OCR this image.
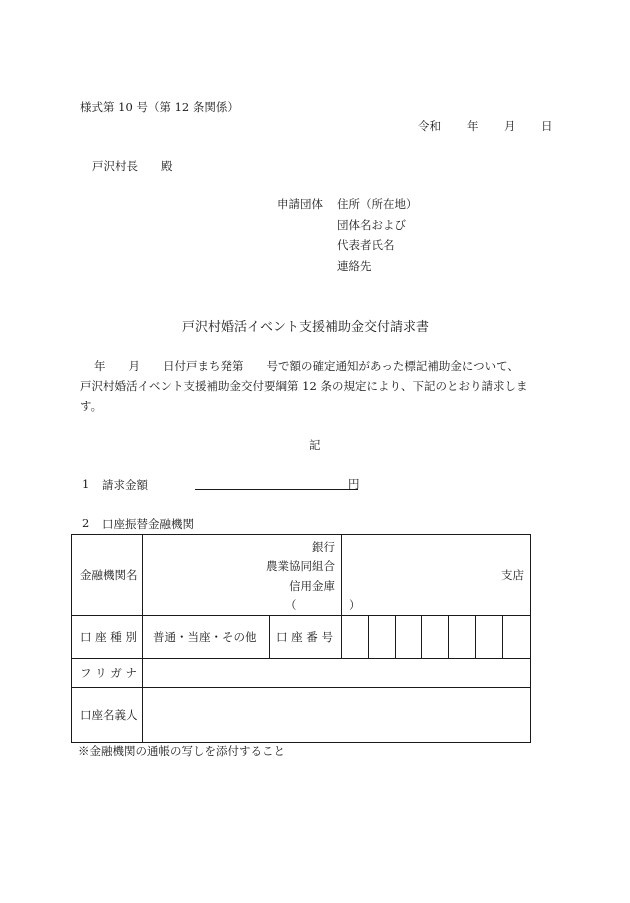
様式第 10 号（第 12 条関係）
令和 年 月 日
戸沢村長 殿
申請団体 住所（所在地）
団体名および
代表者氏名
連絡先
戸沢村婚活イベント支援補助金交付請求書
年　　月　　日付戸まち発第　　号で額の確定通知があった標記補助金について、
戸沢村婚活イベント支援補助金交付要綱第 12 条の規定により、下記のとおり請求しま
す。
記
1 請求金額	円
2 口座振替金融機関
金融機関名	銀行
農業協同組合
信用金庫
（ ）		支店						
口 座 種 別	普通・当座・その他	口 座 番 号							
フ リ ガ ナ									
口座名義人									
※金融機関の通帳の写しを添付すること
